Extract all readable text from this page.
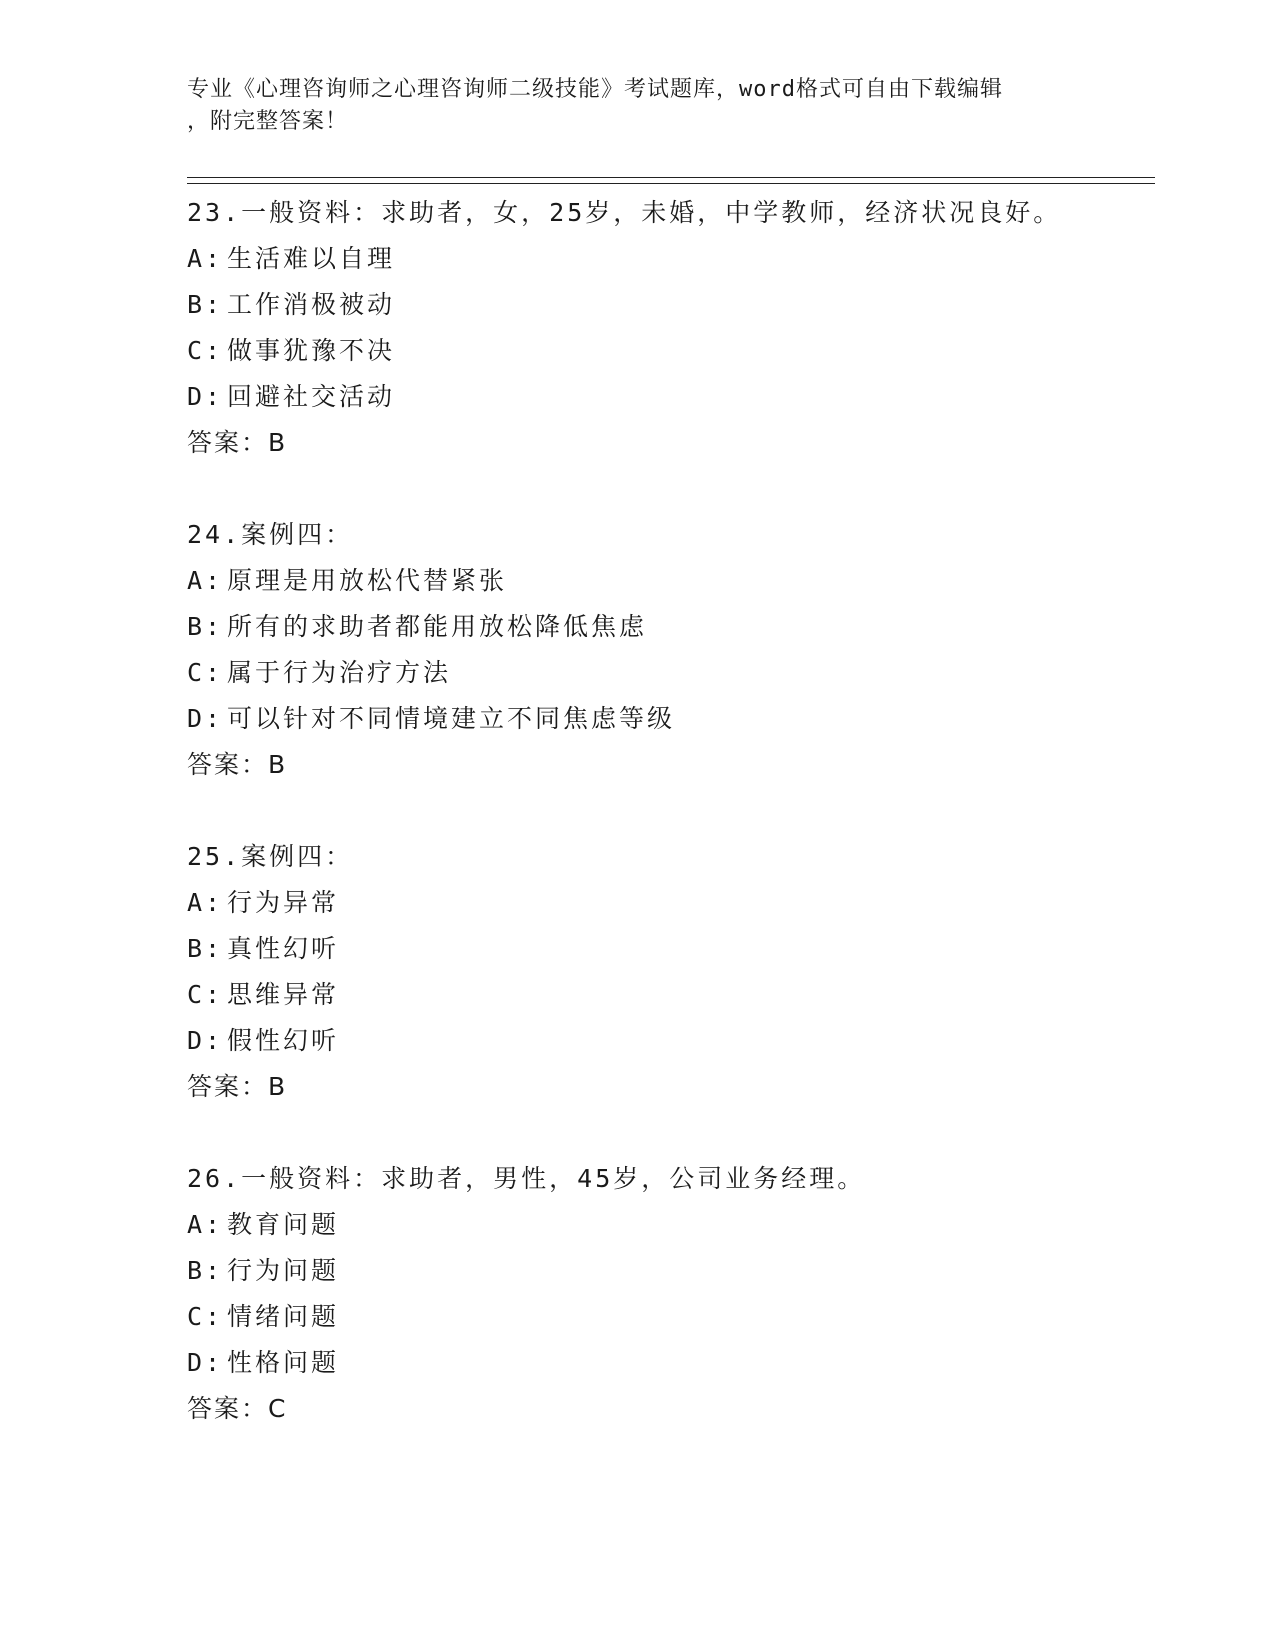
专业《心理咨询师之心理咨询师二级技能》考试题库，word格式可自由下载编辑
，附完整答案！
23.一般资料：求助者，女，25岁，未婚，中学教师，经济状况良好。
A: 生活难以自理
B: 工作消极被动
C: 做事犹豫不决
D: 回避社交活动
答案：B
24.案例四：
A: 原理是用放松代替紧张
B: 所有的求助者都能用放松降低焦虑
C: 属于行为治疗方法
D: 可以针对不同情境建立不同焦虑等级
答案：B
25.案例四：
A: 行为异常
B: 真性幻听
C: 思维异常
D: 假性幻听
答案：B
26.一般资料：求助者，男性，45岁，公司业务经理。
A: 教育问题
B: 行为问题
C: 情绪问题
D: 性格问题
答案：C
